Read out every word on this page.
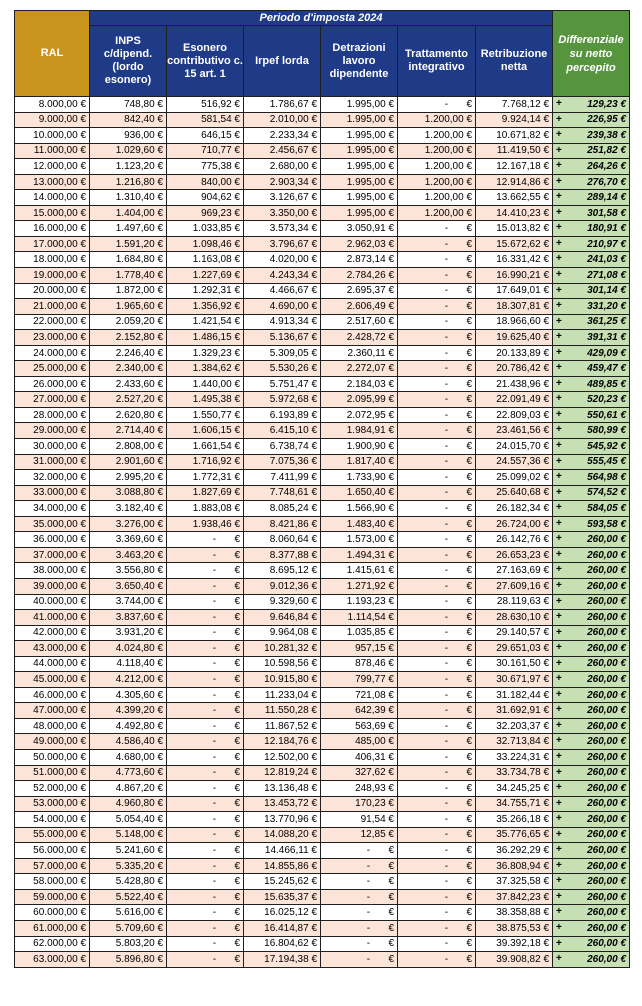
RAL	Periodo d'imposta 2024						Differenziale su netto percepito
	INPS c/dipend. (lordo esonero)	Esonero contributivo c. 15 art. 1	Irpef lorda	Detrazioni lavoro dipendente	Trattamento integrativo	Retribuzione netta	
8.000,00 €	748,80 €	516,92 €	1.786,67 €	1.995,00 €	- €	7.768,12 €	+ 129,23 €
9.000,00 €	842,40 €	581,54 €	2.010,00 €	1.995,00 €	1.200,00 €	9.924,14 €	+ 226,95 €
10.000,00 €	936,00 €	646,15 €	2.233,34 €	1.995,00 €	1.200,00 €	10.671,82 €	+ 239,38 €
11.000,00 €	1.029,60 €	710,77 €	2.456,67 €	1.995,00 €	1.200,00 €	11.419,50 €	+ 251,82 €
12.000,00 €	1.123,20 €	775,38 €	2.680,00 €	1.995,00 €	1.200,00 €	12.167,18 €	+ 264,26 €
13.000,00 €	1.216,80 €	840,00 €	2.903,34 €	1.995,00 €	1.200,00 €	12.914,86 €	+ 276,70 €
14.000,00 €	1.310,40 €	904,62 €	3.126,67 €	1.995,00 €	1.200,00 €	13.662,55 €	+ 289,14 €
15.000,00 €	1.404,00 €	969,23 €	3.350,00 €	1.995,00 €	1.200,00 €	14.410,23 €	+ 301,58 €
16.000,00 €	1.497,60 €	1.033,85 €	3.573,34 €	3.050,91 €	- €	15.013,82 €	+ 180,91 €
17.000,00 €	1.591,20 €	1.098,46 €	3.796,67 €	2.962,03 €	- €	15.672,62 €	+ 210,97 €
18.000,00 €	1.684,80 €	1.163,08 €	4.020,00 €	2.873,14 €	- €	16.331,42 €	+ 241,03 €
19.000,00 €	1.778,40 €	1.227,69 €	4.243,34 €	2.784,26 €	- €	16.990,21 €	+ 271,08 €
20.000,00 €	1.872,00 €	1.292,31 €	4.466,67 €	2.695,37 €	- €	17.649,01 €	+ 301,14 €
21.000,00 €	1.965,60 €	1.356,92 €	4.690,00 €	2.606,49 €	- €	18.307,81 €	+ 331,20 €
22.000,00 €	2.059,20 €	1.421,54 €	4.913,34 €	2.517,60 €	- €	18.966,60 €	+ 361,25 €
23.000,00 €	2.152,80 €	1.486,15 €	5.136,67 €	2.428,72 €	- €	19.625,40 €	+ 391,31 €
24.000,00 €	2.246,40 €	1.329,23 €	5.309,05 €	2.360,11 €	- €	20.133,89 €	+ 429,09 €
25.000,00 €	2.340,00 €	1.384,62 €	5.530,26 €	2.272,07 €	- €	20.786,42 €	+ 459,47 €
26.000,00 €	2.433,60 €	1.440,00 €	5.751,47 €	2.184,03 €	- €	21.438,96 €	+ 489,85 €
27.000,00 €	2.527,20 €	1.495,38 €	5.972,68 €	2.095,99 €	- €	22.091,49 €	+ 520,23 €
28.000,00 €	2.620,80 €	1.550,77 €	6.193,89 €	2.072,95 €	- €	22.809,03 €	+ 550,61 €
29.000,00 €	2.714,40 €	1.606,15 €	6.415,10 €	1.984,91 €	- €	23.461,56 €	+ 580,99 €
30.000,00 €	2.808,00 €	1.661,54 €	6.738,74 €	1.900,90 €	- €	24.015,70 €	+ 545,92 €
31.000,00 €	2.901,60 €	1.716,92 €	7.075,36 €	1.817,40 €	- €	24.557,36 €	+ 555,45 €
32.000,00 €	2.995,20 €	1.772,31 €	7.411,99 €	1.733,90 €	- €	25.099,02 €	+ 564,98 €
33.000,00 €	3.088,80 €	1.827,69 €	7.748,61 €	1.650,40 €	- €	25.640,68 €	+ 574,52 €
34.000,00 €	3.182,40 €	1.883,08 €	8.085,24 €	1.566,90 €	- €	26.182,34 €	+ 584,05 €
35.000,00 €	3.276,00 €	1.938,46 €	8.421,86 €	1.483,40 €	- €	26.724,00 €	+ 593,58 €
36.000,00 €	3.369,60 €	- €	8.060,64 €	1.573,00 €	- €	26.142,76 €	+ 260,00 €
37.000,00 €	3.463,20 €	- €	8.377,88 €	1.494,31 €	- €	26.653,23 €	+ 260,00 €
38.000,00 €	3.556,80 €	- €	8.695,12 €	1.415,61 €	- €	27.163,69 €	+ 260,00 €
39.000,00 €	3.650,40 €	- €	9.012,36 €	1.271,92 €	- €	27.609,16 €	+ 260,00 €
40.000,00 €	3.744,00 €	- €	9.329,60 €	1.193,23 €	- €	28.119,63 €	+ 260,00 €
41.000,00 €	3.837,60 €	- €	9.646,84 €	1.114,54 €	- €	28.630,10 €	+ 260,00 €
42.000,00 €	3.931,20 €	- €	9.964,08 €	1.035,85 €	- €	29.140,57 €	+ 260,00 €
43.000,00 €	4.024,80 €	- €	10.281,32 €	957,15 €	- €	29.651,03 €	+ 260,00 €
44.000,00 €	4.118,40 €	- €	10.598,56 €	878,46 €	- €	30.161,50 €	+ 260,00 €
45.000,00 €	4.212,00 €	- €	10.915,80 €	799,77 €	- €	30.671,97 €	+ 260,00 €
46.000,00 €	4.305,60 €	- €	11.233,04 €	721,08 €	- €	31.182,44 €	+ 260,00 €
47.000,00 €	4.399,20 €	- €	11.550,28 €	642,39 €	- €	31.692,91 €	+ 260,00 €
48.000,00 €	4.492,80 €	- €	11.867,52 €	563,69 €	- €	32.203,37 €	+ 260,00 €
49.000,00 €	4.586,40 €	- €	12.184,76 €	485,00 €	- €	32.713,84 €	+ 260,00 €
50.000,00 €	4.680,00 €	- €	12.502,00 €	406,31 €	- €	33.224,31 €	+ 260,00 €
51.000,00 €	4.773,60 €	- €	12.819,24 €	327,62 €	- €	33.734,78 €	+ 260,00 €
52.000,00 €	4.867,20 €	- €	13.136,48 €	248,93 €	- €	34.245,25 €	+ 260,00 €
53.000,00 €	4.960,80 €	- €	13.453,72 €	170,23 €	- €	34.755,71 €	+ 260,00 €
54.000,00 €	5.054,40 €	- €	13.770,96 €	91,54 €	- €	35.266,18 €	+ 260,00 €
55.000,00 €	5.148,00 €	- €	14.088,20 €	12,85 €	- €	35.776,65 €	+ 260,00 €
56.000,00 €	5.241,60 €	- €	14.466,11 €	- €	- €	36.292,29 €	+ 260,00 €
57.000,00 €	5.335,20 €	- €	14.855,86 €	- €	- €	36.808,94 €	+ 260,00 €
58.000,00 €	5.428,80 €	- €	15.245,62 €	- €	- €	37.325,58 €	+ 260,00 €
59.000,00 €	5.522,40 €	- €	15.635,37 €	- €	- €	37.842,23 €	+ 260,00 €
60.000,00 €	5.616,00 €	- €	16.025,12 €	- €	- €	38.358,88 €	+ 260,00 €
61.000,00 €	5.709,60 €	- €	16.414,87 €	- €	- €	38.875,53 €	+ 260,00 €
62.000,00 €	5.803,20 €	- €	16.804,62 €	- €	- €	39.392,18 €	+ 260,00 €
63.000,00 €	5.896,80 €	- €	17.194,38 €	- €	- €	39.908,82 €	+ 260,00 €
